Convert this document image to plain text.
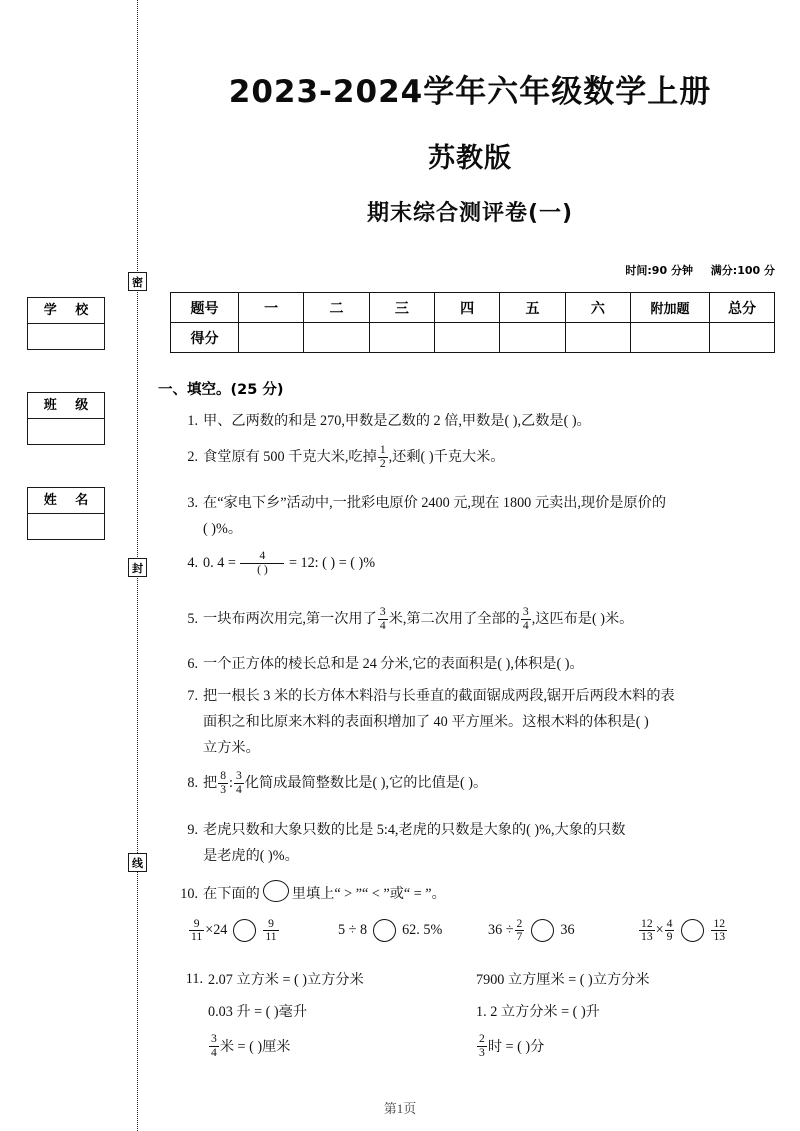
密
封
线
学 校
班 级
姓 名
2023-2024学年六年级数学上册
苏教版
期末综合测评卷(一)
时间:90 分钟 满分:100 分
题号	一	二	三	四	五	六	附加题	总分
得分								
一、填空。(25 分)
1. 甲、乙两数的和是 270,甲数是乙数的 2 倍,甲数是( ),乙数是( )。
2. 食堂原有 500 千克大米,吃掉 $\frac{1}{2}$ ,还剩( )千克大米。
3. 在“家电下乡”活动中,一批彩电原价 2400 元,现在 1800 元卖出,现价是原价的
( )%。
4. 0. $4 = \frac{4}{( )} = 12$: ( ) = ( )%
5. 一块布两次用完,第一次用了 $\frac{3}{4}$ 米,第二次用了全部的 $\frac{3}{4}$ ,这匹布是( )米。
6. 一个正方体的棱长总和是 24 分米,它的表面积是( ),体积是( )。
7. 把一根长 3 米的长方体木料沿与长垂直的截面锯成两段,锯开后两段木料的表
面积之和比原来木料的表面积增加了 40 平方厘米。这根木料的体积是( )
立方米。
8. 把 $\frac{8}{3}$ : $\frac{3}{4}$ 化简成最简整数比是( ),它的比值是( )。
9. 老虎只数和大象只数的比是 5:4,老虎的只数是大象的( )%,大象的只数
是老虎的( )%。
10. 在下面的 里填上“ > ”“ < ”或“ = ”。
$\frac{9}{11} \times 24$	$\frac{9}{11}$	5 ÷ 8 62. 5%	$36 \div \frac{2}{7}$	36	$\frac{12}{13} \times \frac{4}{9}$	$\frac{12}{13}$
11. 2.07 立方米 = ( )立方分米	7900 立方厘米 = ( )立方分米
0.03 升 = ( )毫升	1. 2 立方分米 = ( )升
$\frac{3}{4}$ 米 = ( )厘米	$\frac{2}{3}$ 时 = ( )分
第1页
